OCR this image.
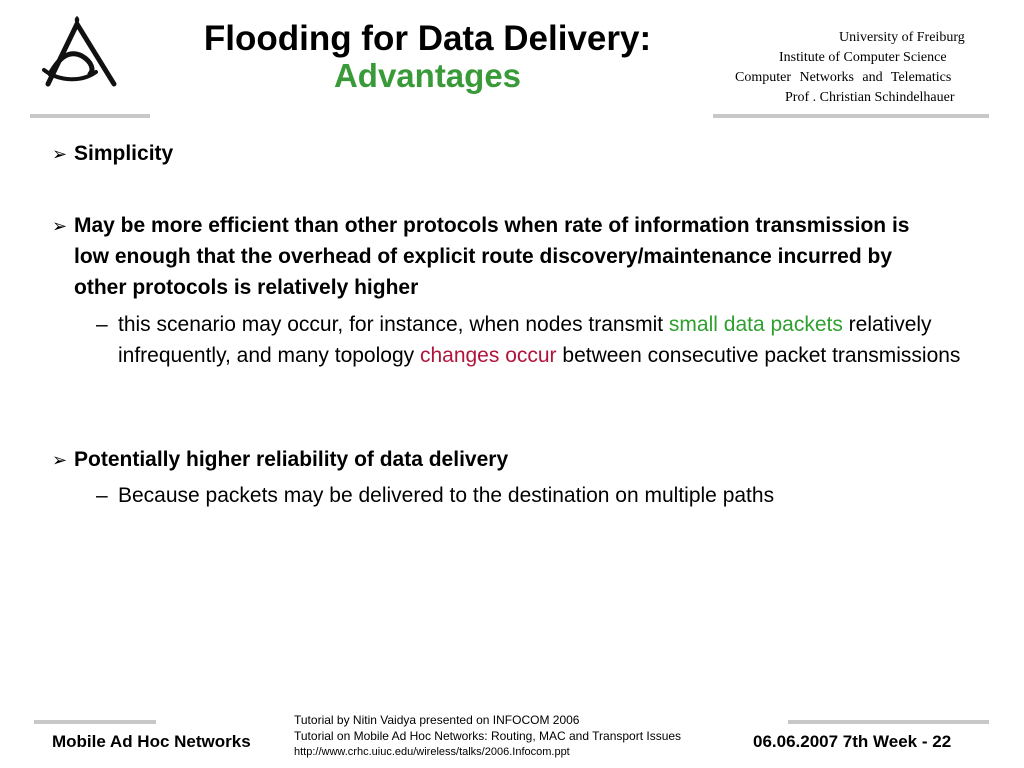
Flooding for Data Delivery:
Advantages
University of Freiburg
Institute of Computer Science
Computer Networks and Telematics
Prof . Christian Schindelhauer
➢ Simplicity
➢ May be more efficient than other protocols when rate of information transmission is low enough that the overhead of explicit route discovery/maintenance incurred by other protocols is relatively higher
– this scenario may occur, for instance, when nodes transmit small data packets relatively infrequently, and many topology changes occur between consecutive packet transmissions
➢ Potentially higher reliability of data delivery
– Because packets may be delivered to the destination on multiple paths
Mobile Ad Hoc Networks
Tutorial by Nitin Vaidya presented on INFOCOM 2006
Tutorial on Mobile Ad Hoc Networks: Routing, MAC and Transport Issues
http://www.crhc.uiuc.edu/wireless/talks/2006.Infocom.ppt
06.06.2007 7th Week - 22
